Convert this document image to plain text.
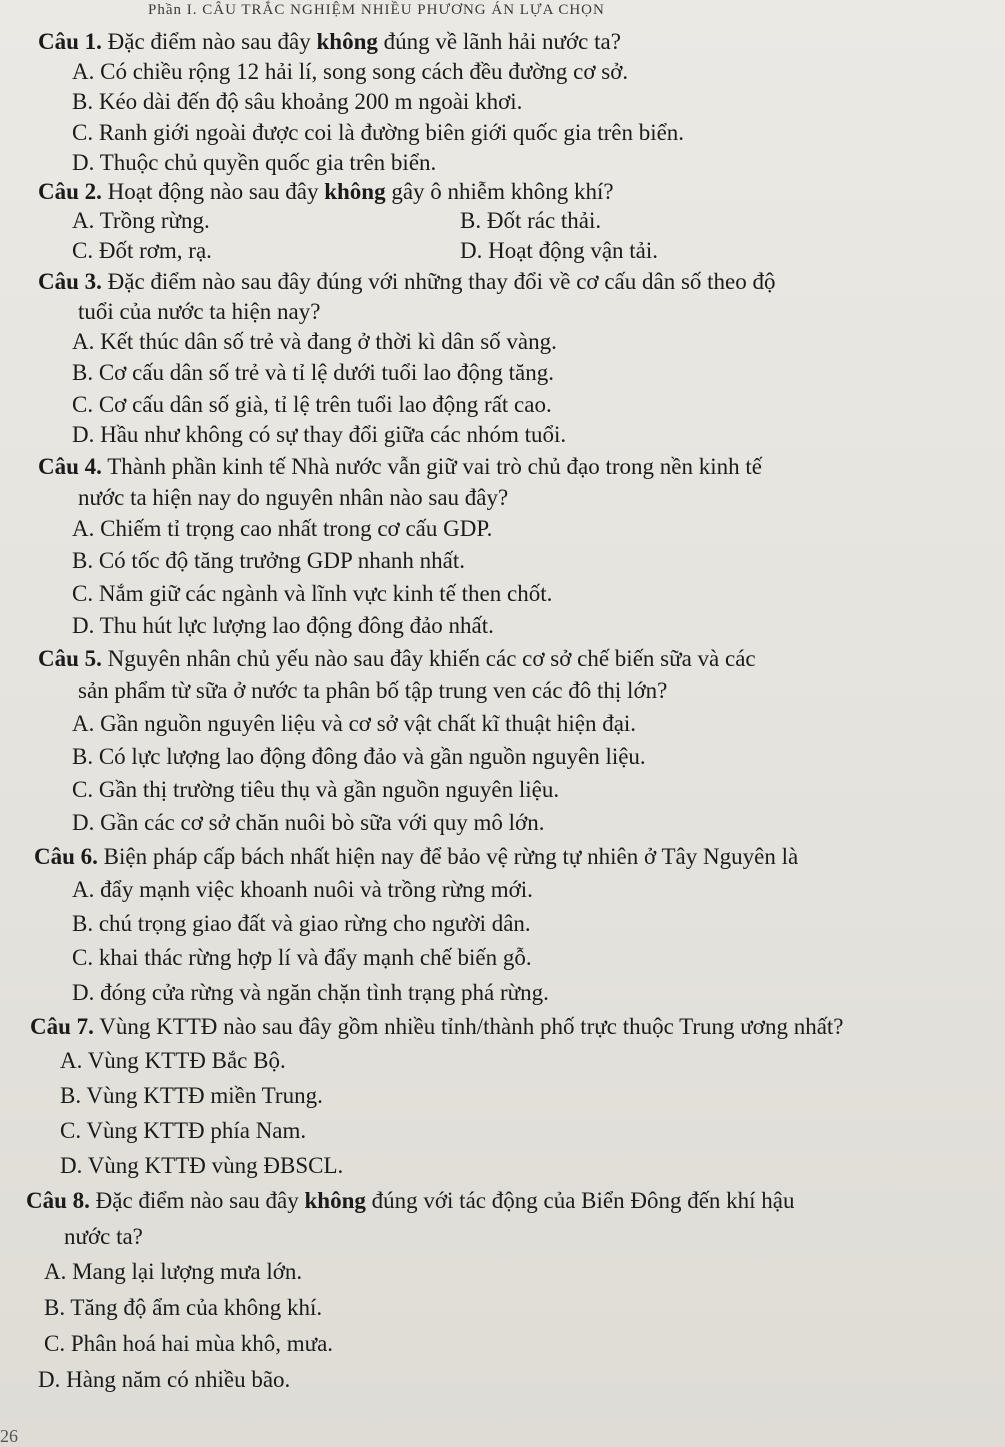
Phần I. CÂU TRẮC NGHIỆM NHIỀU PHƯƠNG ÁN LỰA CHỌN
Câu 1. Đặc điểm nào sau đây không đúng về lãnh hải nước ta?
A. Có chiều rộng 12 hải lí, song song cách đều đường cơ sở.
B. Kéo dài đến độ sâu khoảng 200 m ngoài khơi.
C. Ranh giới ngoài được coi là đường biên giới quốc gia trên biển.
D. Thuộc chủ quyền quốc gia trên biển.
Câu 2. Hoạt động nào sau đây không gây ô nhiễm không khí?
A. Trồng rừng.	B. Đốt rác thải.
C. Đốt rơm, rạ.	D. Hoạt động vận tải.
Câu 3. Đặc điểm nào sau đây đúng với những thay đổi về cơ cấu dân số theo độ
tuổi của nước ta hiện nay?
A. Kết thúc dân số trẻ và đang ở thời kì dân số vàng.
B. Cơ cấu dân số trẻ và tỉ lệ dưới tuổi lao động tăng.
C. Cơ cấu dân số già, tỉ lệ trên tuổi lao động rất cao.
D. Hầu như không có sự thay đổi giữa các nhóm tuổi.
Câu 4. Thành phần kinh tế Nhà nước vẫn giữ vai trò chủ đạo trong nền kinh tế
nước ta hiện nay do nguyên nhân nào sau đây?
A. Chiếm tỉ trọng cao nhất trong cơ cấu GDP.
B. Có tốc độ tăng trưởng GDP nhanh nhất.
C. Nắm giữ các ngành và lĩnh vực kinh tế then chốt.
D. Thu hút lực lượng lao động đông đảo nhất.
Câu 5. Nguyên nhân chủ yếu nào sau đây khiến các cơ sở chế biến sữa và các
sản phẩm từ sữa ở nước ta phân bố tập trung ven các đô thị lớn?
A. Gần nguồn nguyên liệu và cơ sở vật chất kĩ thuật hiện đại.
B. Có lực lượng lao động đông đảo và gần nguồn nguyên liệu.
C. Gần thị trường tiêu thụ và gần nguồn nguyên liệu.
D. Gần các cơ sở chăn nuôi bò sữa với quy mô lớn.
Câu 6. Biện pháp cấp bách nhất hiện nay để bảo vệ rừng tự nhiên ở Tây Nguyên là
A. đẩy mạnh việc khoanh nuôi và trồng rừng mới.
B. chú trọng giao đất và giao rừng cho người dân.
C. khai thác rừng hợp lí và đẩy mạnh chế biến gỗ.
D. đóng cửa rừng và ngăn chặn tình trạng phá rừng.
Câu 7. Vùng KTTĐ nào sau đây gồm nhiều tỉnh/thành phố trực thuộc Trung ương nhất?
A. Vùng KTTĐ Bắc Bộ.
B. Vùng KTTĐ miền Trung.
C. Vùng KTTĐ phía Nam.
D. Vùng KTTĐ vùng ĐBSCL.
Câu 8. Đặc điểm nào sau đây không đúng với tác động của Biển Đông đến khí hậu
nước ta?
A. Mang lại lượng mưa lớn.
B. Tăng độ ẩm của không khí.
C. Phân hoá hai mùa khô, mưa.
D. Hàng năm có nhiều bão.
26
